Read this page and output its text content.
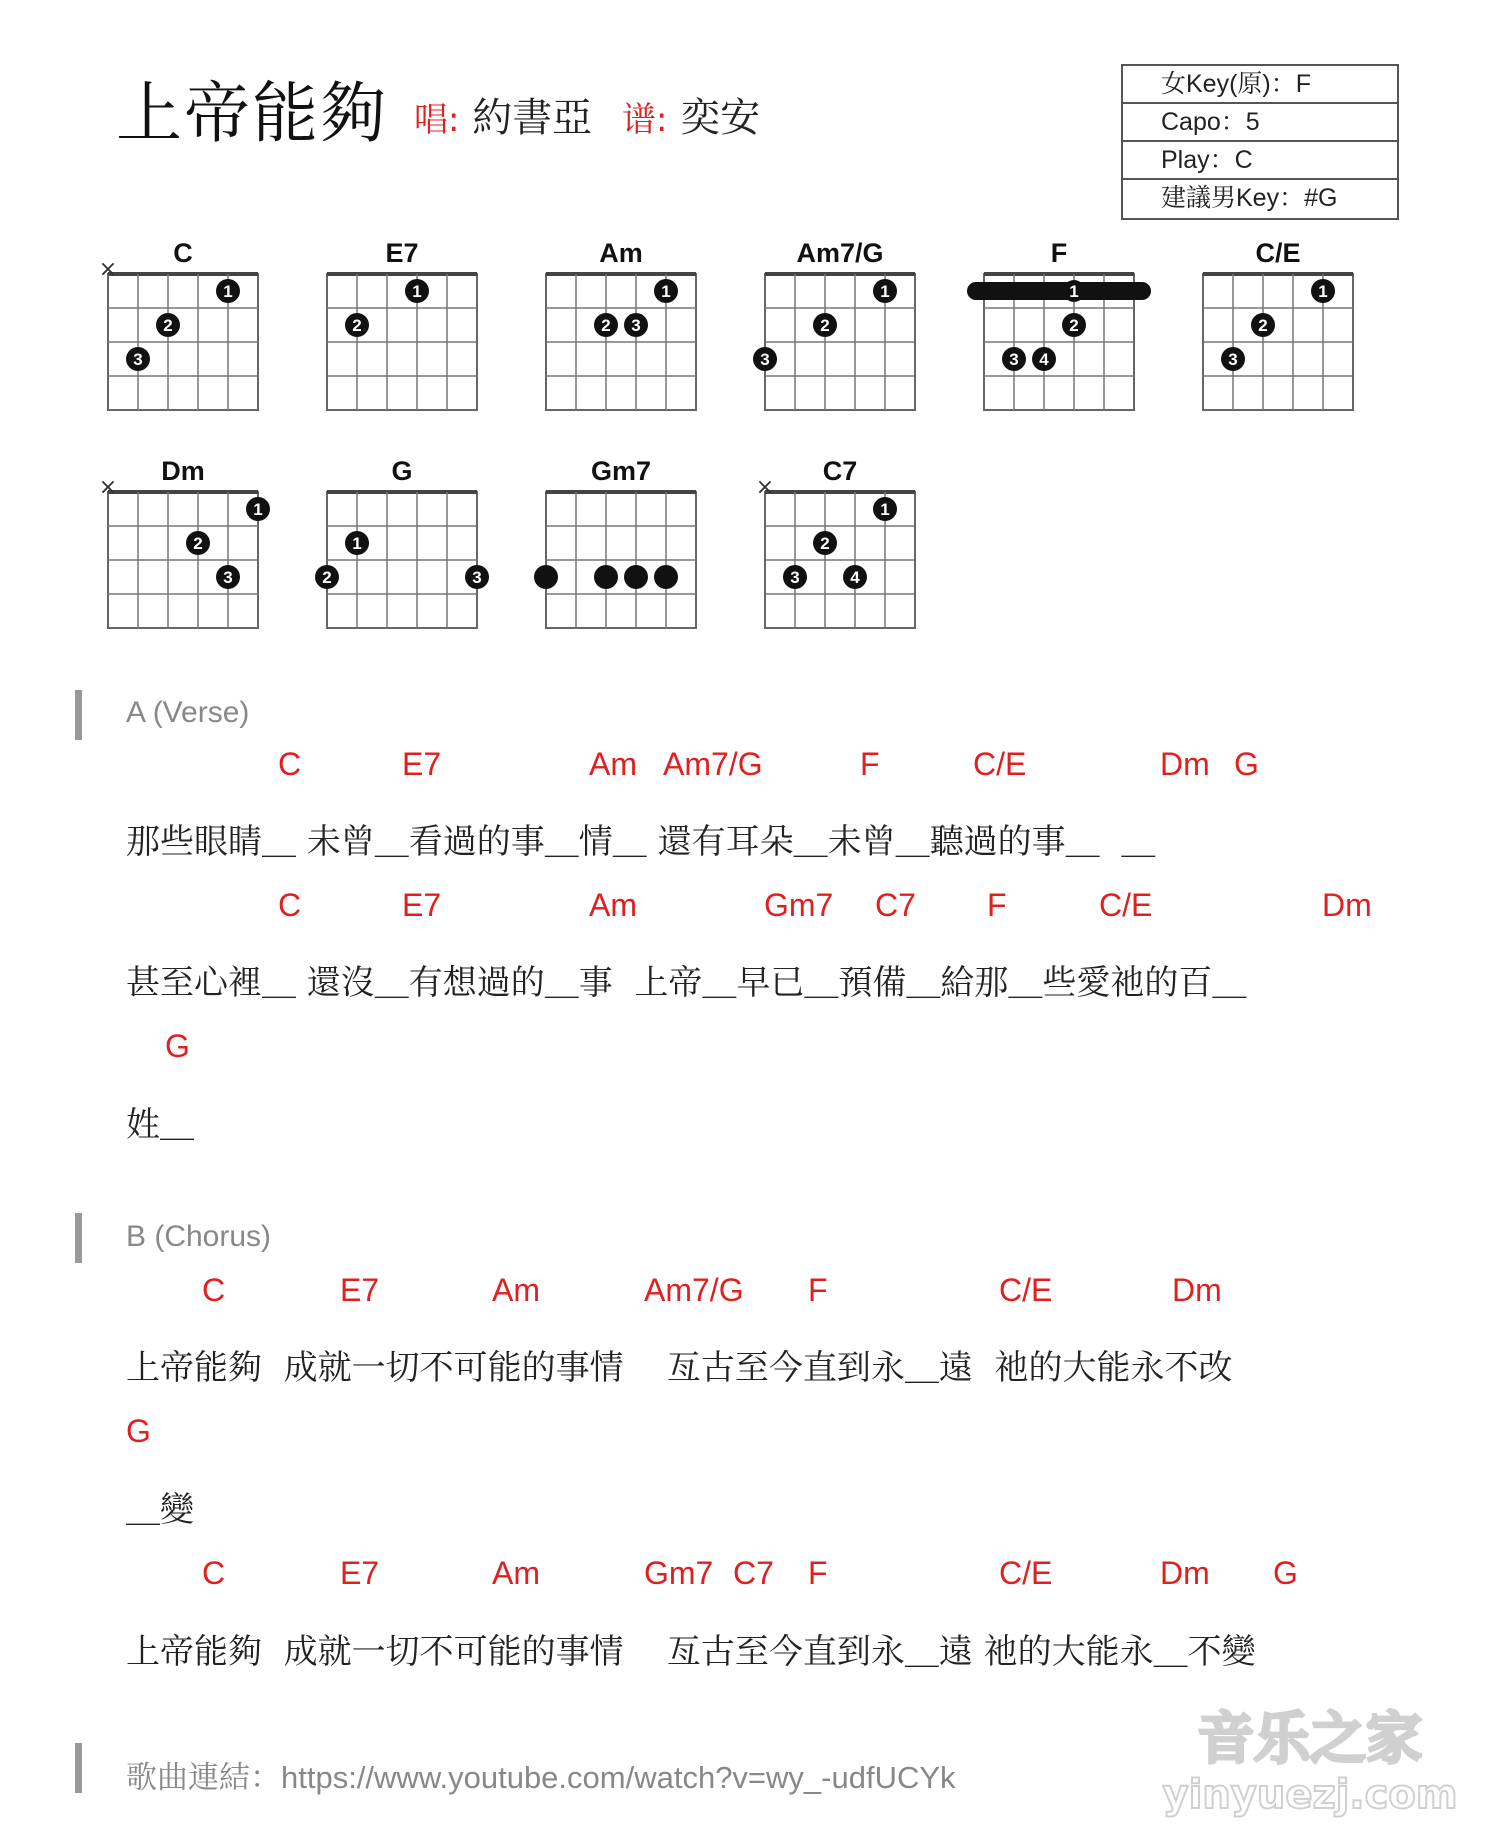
上帝能夠 唱: 約書亞 谱: 奕安
女Key(原)：F
Capo：5
Play：C
建議男Key：#G
C
×
1
2
3
E7
1
2
Am
1
2 3
Am7/G
1
2
3
F
1
2
3 4
C/E
1
2
3
Dm
×
1
2
3
G
1
2	3
Gm7	C7
×
1
2
3	4
A (Verse)
C	E7	Am Am7/G	F	C/E	Dm G
那些眼睛＿ 未曾＿看過的事＿情＿ 還有耳朵＿未曾＿聽過的事＿  ＿
C	E7	Am	Gm7 C7 F	C/E	Dm
甚至心裡＿ 還沒＿有想過的＿事  上帝＿早已＿預備＿給那＿些愛祂的百＿
G
姓＿
B (Chorus)
C	E7	Am	Am7/G F	C/E	Dm
上帝能夠  成就一切不可能的事情    亙古至今直到永＿遠  祂的大能永不改
G
＿變
C	E7	Am	Gm7 C7 F	C/E	Dm G
上帝能夠  成就一切不可能的事情    亙古至今直到永＿遠 祂的大能永＿不變
歌曲連結：https://www.youtube.com/watch?v=wy_-udfUCYk
音乐之家
yinyuezj.com
